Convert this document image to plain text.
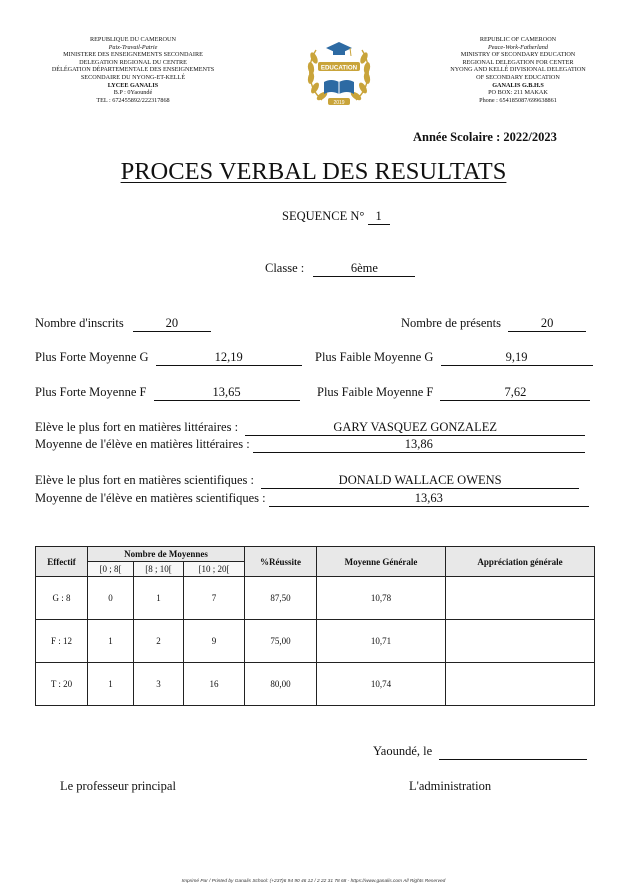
REPUBLIQUE DU CAMEROUN
Paix-Travail-Patrie
MINISTERE DES ENSEIGNEMENTS SECONDAIRE
DELEGATION REGIONAL DU CENTRE
DÉLÉGATION DÉPARTEMENTALE DES ENSEIGNEMENTS
SECONDAIRE DU NYONG-ET-KELLÉ
LYCEE GANALIS
B.P : 0Yaoundé
TEL : 672455892/222317868
EDUCATION
2019
REPUBLIC OF CAMEROON
Peace-Work-Fatherland
MINISTRY OF SECONDARY EDUCATION
REGIONAL DELEGATION FOR CENTER
NYONG AND KELLÉ DIVISIONAL DELEGATION
OF SECONDARY EDUCATION
GANALIS G.B.H.S
PO BOX: 211 MAKAK
Phone : 654185087/699638861
Année Scolaire : 2022/2023
PROCES VERBAL DES RESULTATS
SEQUENCE N° 1
Classe :	6ème
Nombre d'inscrits	20	Nombre de présents	20
Plus Forte Moyenne G	12,19	Plus Faible Moyenne G	9,19
Plus Forte Moyenne F	13,65	Plus Faible Moyenne F	7,62
Elève le plus fort en matières littéraires :	GARY VASQUEZ GONZALEZ
Moyenne de l'élève en matières littéraires :	13,86
Elève le plus fort en matières scientifiques :	DONALD WALLACE OWENS
Moyenne de l'élève en matières scientifiques :	13,63
Effectif	Nombre de Moyennes			%Réussite	Moyenne Générale	Appréciation générale
	[0 ; 8[	[8 ; 10[	[10 ; 20[			
G : 8	0	1	7	87,50	10,78	
F : 12	1	2	9	75,00	10,71	
T : 20	1	3	16	80,00	10,74	
Yaoundé, le
Le professeur principal	L'administration
Imprimé Par / Printed by Ganalis School: (+237)6 94 90 46 12 / 2 22 31 78 68 - https://www.ganalis.com All Rights Reserved
